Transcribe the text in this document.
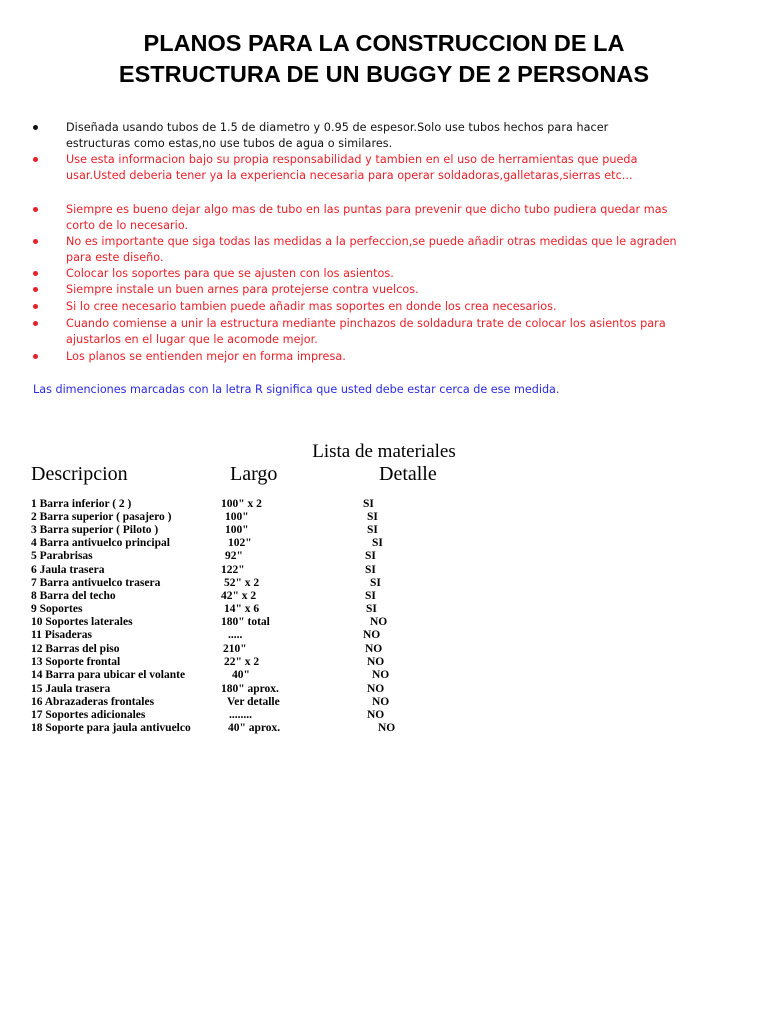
PLANOS PARA LA CONSTRUCCION DE LA
ESTRUCTURA DE UN BUGGY DE 2 PERSONAS
Diseñada usando tubos de 1.5 de diametro y 0.95 de espesor.Solo use tubos hechos para hacer
estructuras como estas,no use tubos de agua o similares.
Use esta informacion bajo su propia responsabilidad y tambien en el uso de herramientas que pueda
usar.Usted deberia tener ya la experiencia necesaria para operar soldadoras,galletaras,sierras etc...
Siempre es bueno dejar algo mas de tubo en las puntas para prevenir que dicho tubo pudiera quedar mas
corto de lo necesario.
No es importante que siga todas las medidas a la perfeccion,se puede añadir otras medidas que le agraden
para este diseño.
Colocar los soportes para que se ajusten con los asientos.
Siempre instale un buen arnes para protejerse contra vuelcos.
Si lo cree necesario tambien puede añadir mas soportes en donde los crea necesarios.
Cuando comiense a unir la estructura mediante pinchazos de soldadura trate de colocar los asientos para
ajustarlos en el lugar que le acomode mejor.
Los planos se entienden mejor en forma impresa.
Las dimenciones marcadas con la letra R significa que usted debe estar cerca de ese medida.
Lista de materiales
Descripcion	Largo	Detalle
1 Barra inferior ( 2 )	100" x 2	SI
2 Barra superior ( pasajero )	100"	SI
3 Barra superior ( Piloto )	100"	SI
4 Barra antivuelco principal	102"	SI
5 Parabrisas	92"	SI
6 Jaula trasera	122"	SI
7 Barra antivuelco trasera	52" x 2	SI
8 Barra del techo	42" x 2	SI
9 Soportes	14" x 6	SI
10 Soportes laterales	180" total	NO
11 Pisaderas	.....	NO
12 Barras del piso	210"	NO
13 Soporte frontal	22" x 2	NO
14 Barra para ubicar el volante	40"	NO
15 Jaula trasera	180" aprox.	NO
16 Abrazaderas frontales	Ver detalle	NO
17 Soportes adicionales	........	NO
18 Soporte para jaula antivuelco	40" aprox.	NO
